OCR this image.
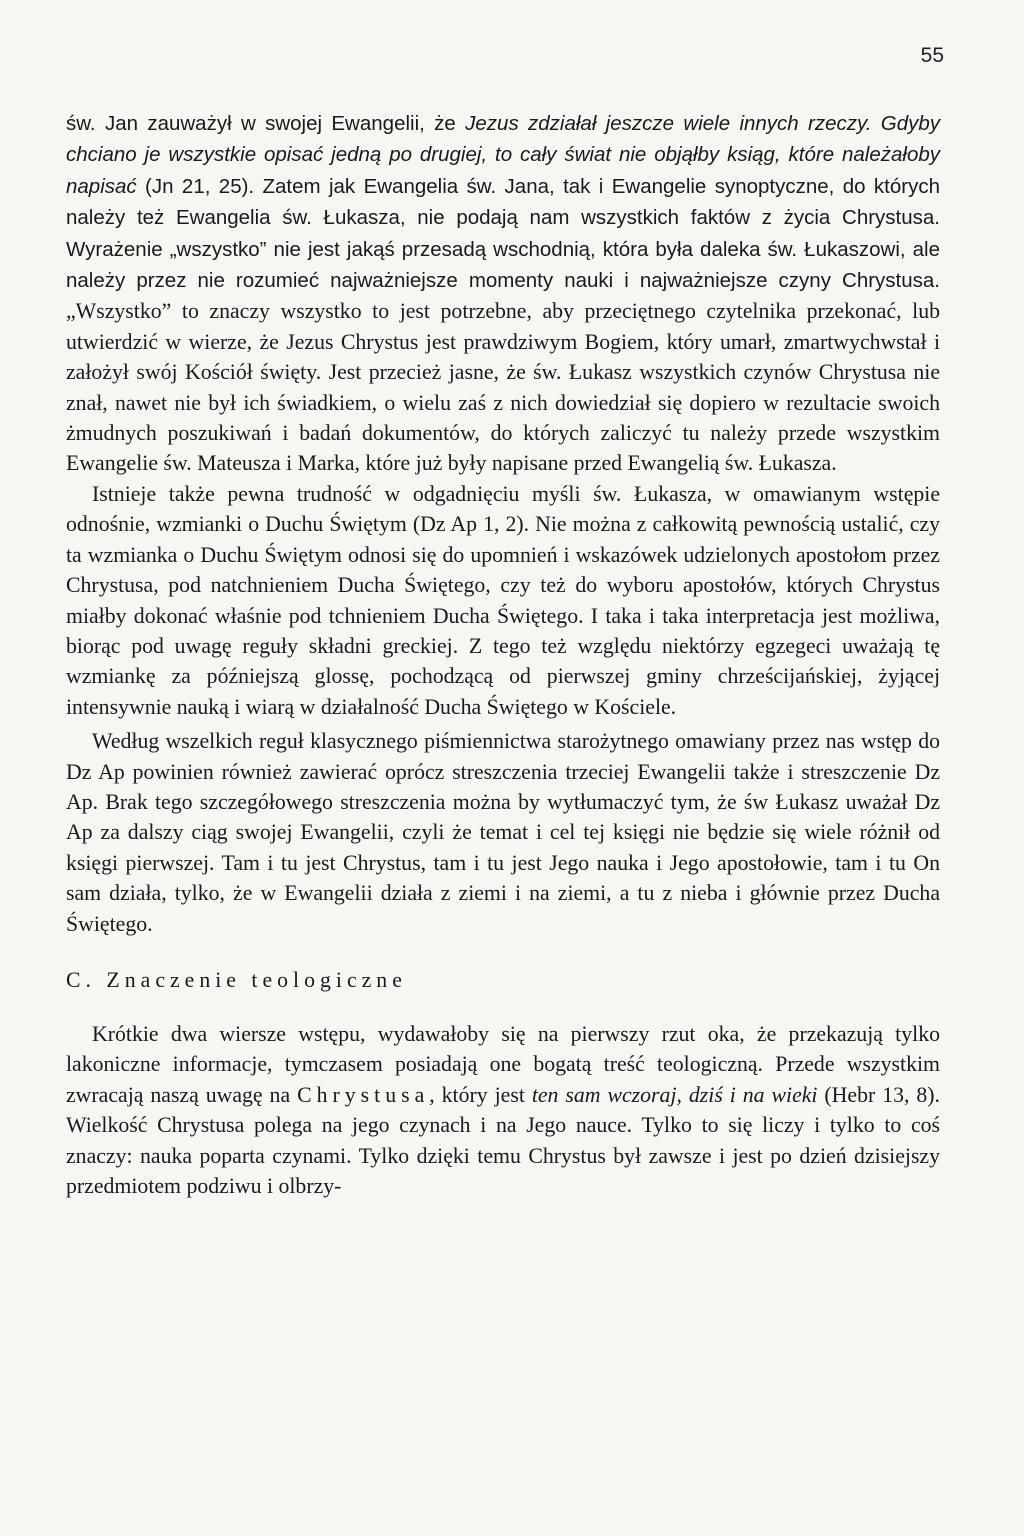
55

św. Jan zauważył w swojej Ewangelii, że Jezus zdziałał jeszcze wiele innych rzeczy. Gdyby chciano je wszystkie opisać jedną po drugiej, to cały świat nie objąłby ksiąg, które należałoby napisać (Jn 21, 25). Zatem jak Ewangelia św. Jana, tak i Ewangelie synoptyczne, do których należy też Ewangelia św. Łukasza, nie podają nam wszystkich faktów z życia Chrystusa. Wyrażenie „wszystko” nie jest jakąś przesadą wschodnią, która była daleka św. Łukaszowi, ale należy przez nie rozumieć najważniejsze momenty nauki i najważniejsze czyny Chrystusa. „Wszystko” to znaczy wszystko to jest potrzebne, aby przeciętnego czytelnika przekonać, lub utwierdzić w wierze, że Jezus Chrystus jest prawdziwym Bogiem, który umarł, zmartwychwstał i założył swój Kościół święty. Jest przecież jasne, że św. Łukasz wszystkich czynów Chrystusa nie znał, nawet nie był ich świadkiem, o wielu zaś z nich dowiedział się dopiero w rezultacie swoich żmudnych poszukiwań i badań dokumentów, do których zaliczyć tu należy przede wszystkim Ewangelie św. Mateusza i Marka, które już były napisane przed Ewangelią św. Łukasza.

Istnieje także pewna trudność w odgadnięciu myśli św. Łukasza, w omawianym wstępie odnośnie, wzmianki o Duchu Świętym (Dz Ap 1, 2). Nie można z całkowitą pewnością ustalić, czy ta wzmianka o Duchu Świętym odnosi się do upomnień i wskazówek udzielonych apostołom przez Chrystusa, pod natchnieniem Ducha Świętego, czy też do wyboru apostołów, których Chrystus miałby dokonać właśnie pod tchnieniem Ducha Świętego. I taka i taka interpretacja jest możliwa, biorąc pod uwagę reguły składni greckiej. Z tego też względu niektórzy egzegeci uważają tę wzmiankę za późniejszą glossę, pochodzącą od pierwszej gminy chrześcijańskiej, żyjącej intensywnie nauką i wiarą w działalność Ducha Świętego w Kościele.

Według wszelkich reguł klasycznego piśmiennictwa starożytnego omawiany przez nas wstęp do Dz Ap powinien również zawierać oprócz streszczenia trzeciej Ewangelii także i streszczenie Dz Ap. Brak tego szczegółowego streszczenia można by wytłumaczyć tym, że św Łukasz uważał Dz Ap za dalszy ciąg swojej Ewangelii, czyli że temat i cel tej księgi nie będzie się wiele różnił od księgi pierwszej. Tam i tu jest Chrystus, tam i tu jest Jego nauka i Jego apostołowie, tam i tu On sam działa, tylko, że w Ewangelii działa z ziemi i na ziemi, a tu z nieba i głównie przez Ducha Świętego.

C. Znaczenie teologiczne

Krótkie dwa wiersze wstępu, wydawałoby się na pierwszy rzut oka, że przekazują tylko lakoniczne informacje, tymczasem posiadają one bogatą treść teologiczną. Przede wszystkim zwracają naszą uwagę na Chrystusa, który jest ten sam wczoraj, dziś i na wieki (Hebr 13, 8). Wielkość Chrystusa polega na jego czynach i na Jego nauce. Tylko to się liczy i tylko to coś znaczy: nauka poparta czynami. Tylko dzięki temu Chrystus był zawsze i jest po dzień dzisiejszy przedmiotem podziwu i olbrzy-
